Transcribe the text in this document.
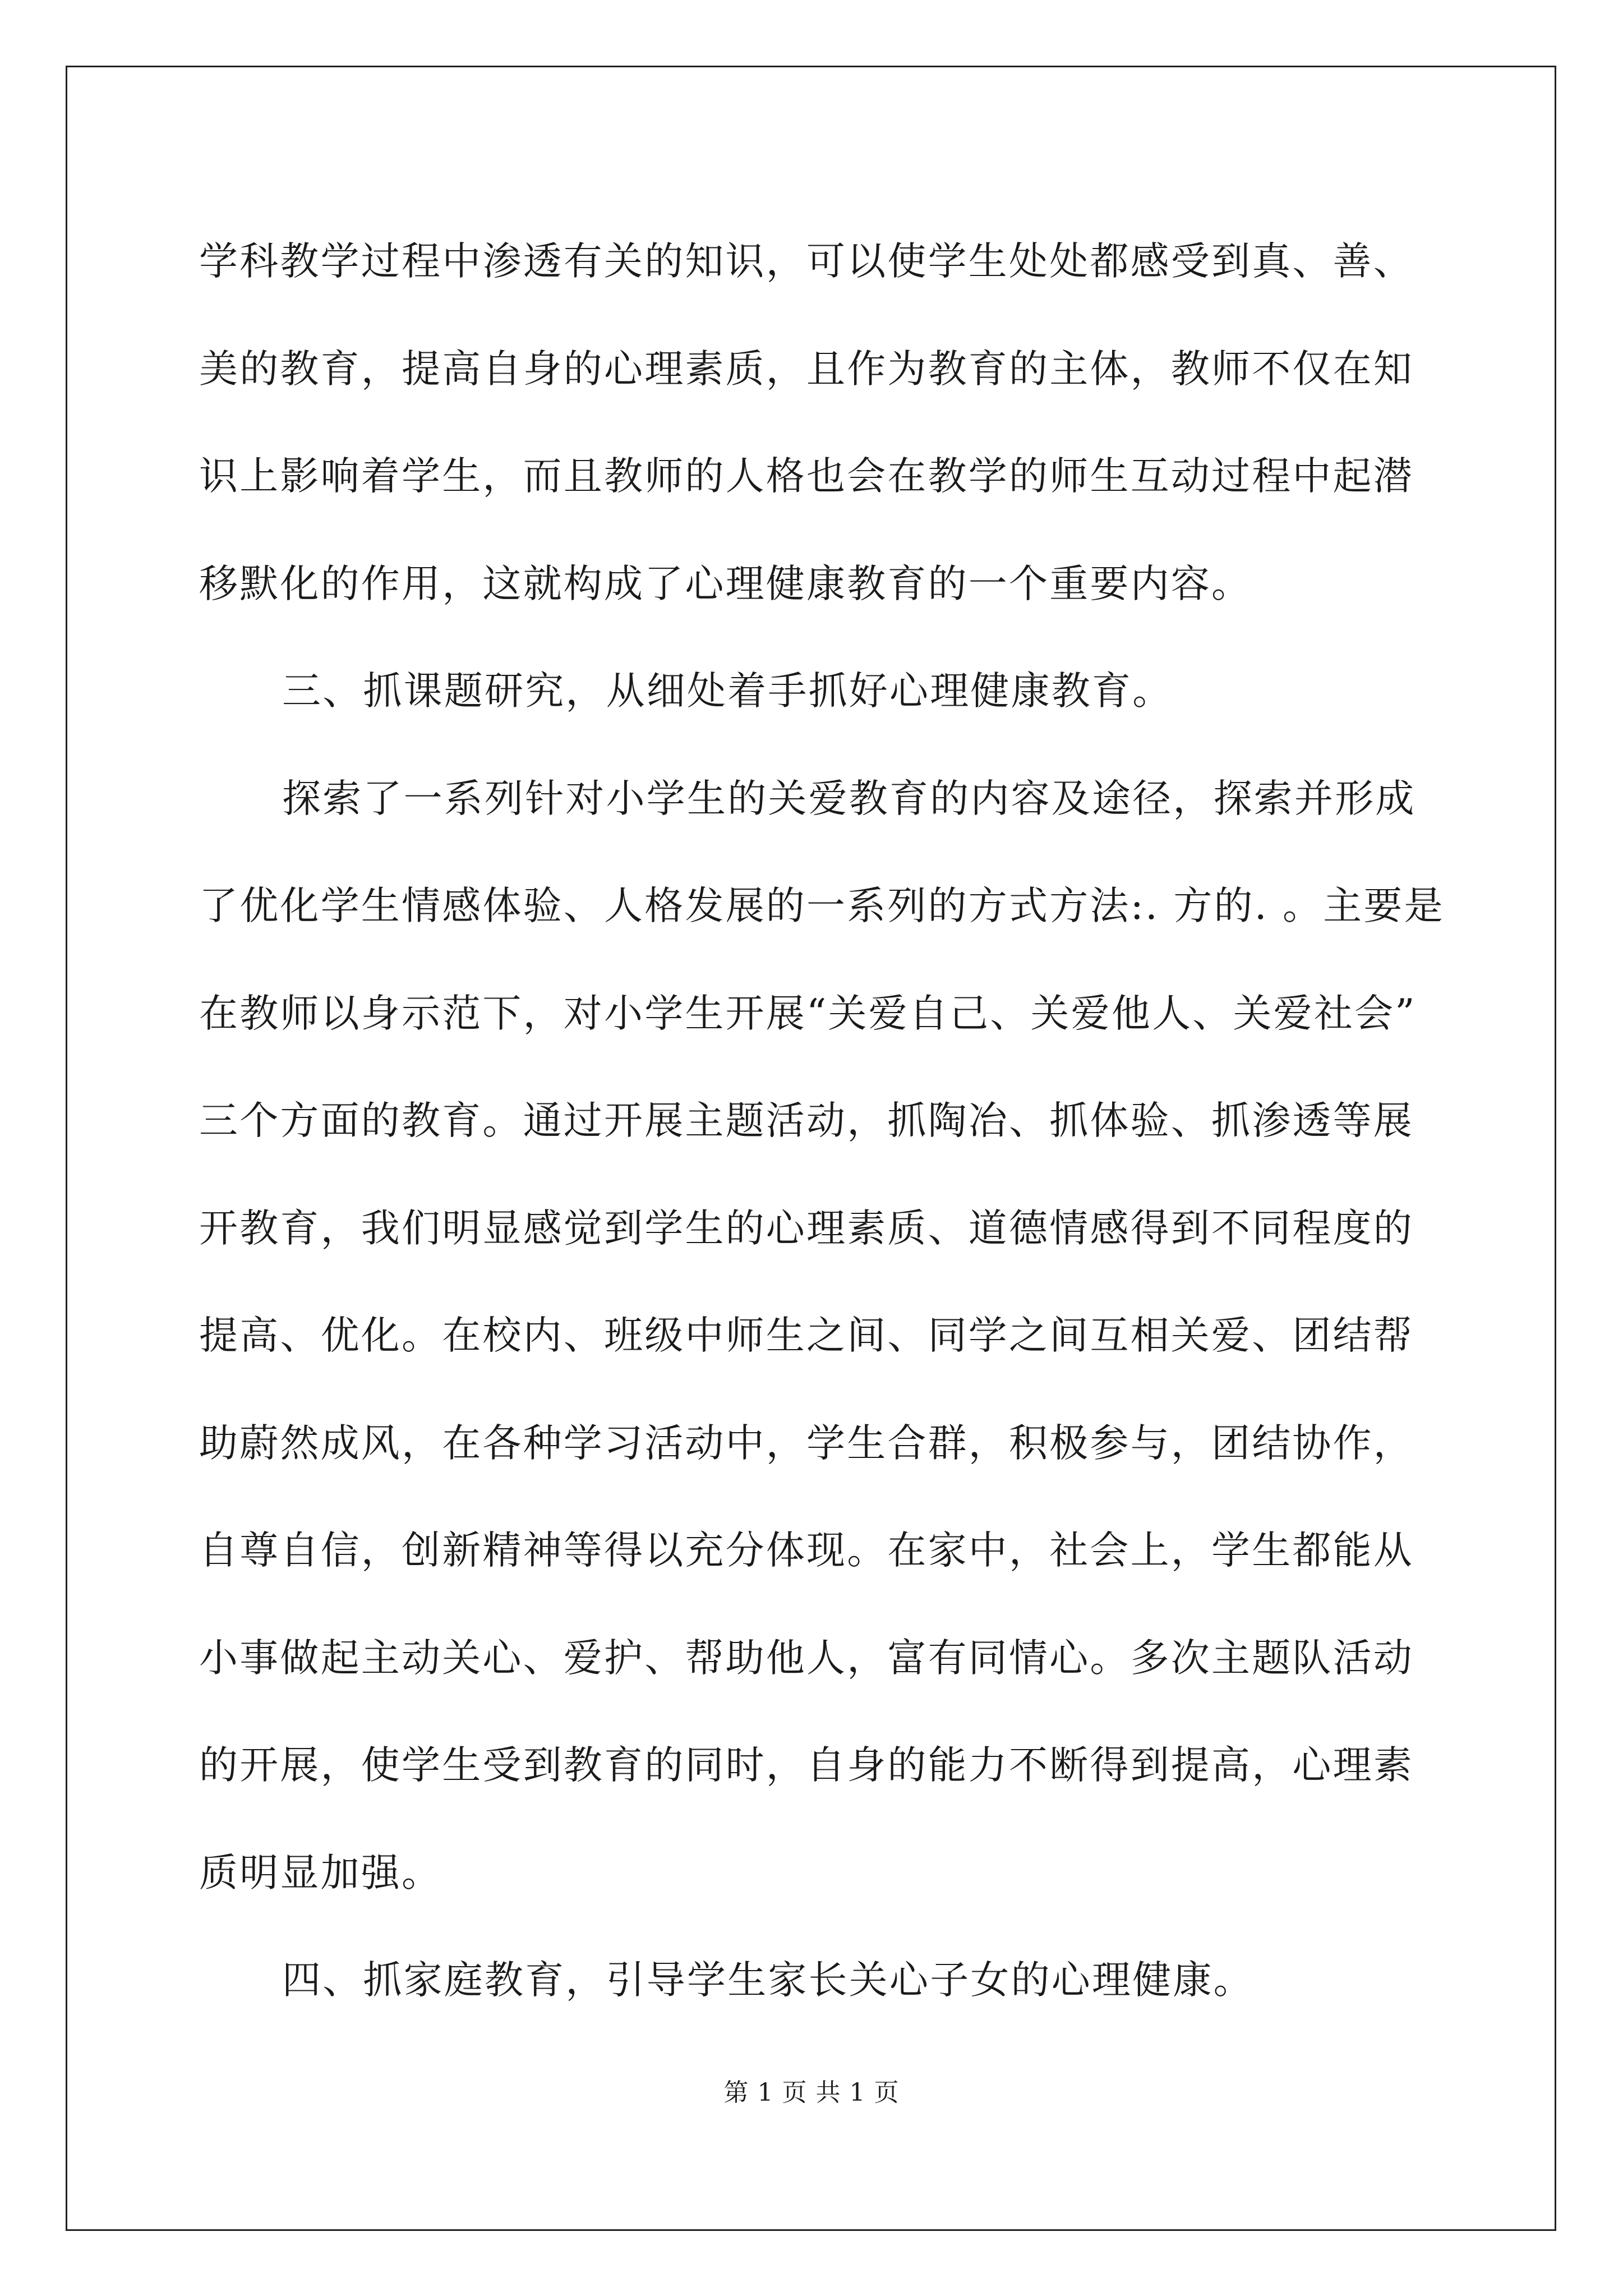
学科教学过程中渗透有关的知识，可以使学生处处都感受到真、善、
美的教育，提高自身的心理素质，且作为教育的主体，教师不仅在知
识上影响着学生，而且教师的人格也会在教学的师生互动过程中起潜
移默化的作用，这就构成了心理健康教育的一个重要内容。
三、抓课题研究，从细处着手抓好心理健康教育。
探索了一系列针对小学生的关爱教育的内容及途径，探索并形成
了优化学生情感体验、人格发展的一系列的方式方法:. 方的. 。主要是
在教师以身示范下，对小学生开展“关爱自己、关爱他人、关爱社会”
三个方面的教育。通过开展主题活动，抓陶冶、抓体验、抓渗透等展
开教育，我们明显感觉到学生的心理素质、道德情感得到不同程度的
提高、优化。在校内、班级中师生之间、同学之间互相关爱、团结帮
助蔚然成风，在各种学习活动中，学生合群，积极参与，团结协作，
自尊自信，创新精神等得以充分体现。在家中，社会上，学生都能从
小事做起主动关心、爱护、帮助他人，富有同情心。多次主题队活动
的开展，使学生受到教育的同时，自身的能力不断得到提高，心理素
质明显加强。
四、抓家庭教育，引导学生家长关心子女的心理健康。
第 1 页 共 1 页
